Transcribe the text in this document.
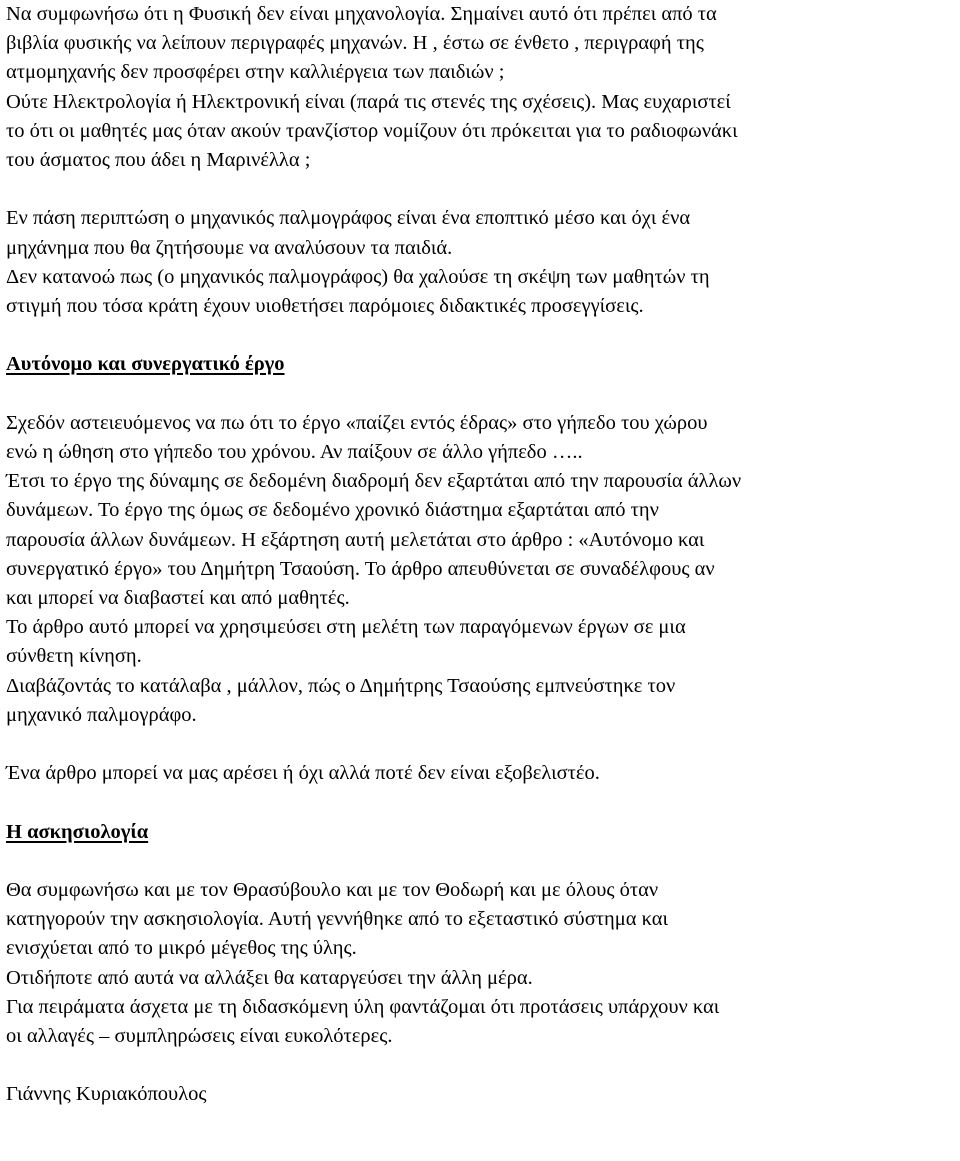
Να συμφωνήσω ότι η Φυσική δεν είναι μηχανολογία. Σημαίνει αυτό ότι πρέπει από τα
βιβλία φυσικής να λείπουν περιγραφές μηχανών. Η , έστω σε ένθετο , περιγραφή της
ατμομηχανής δεν προσφέρει στην καλλιέργεια των παιδιών ;
Ούτε Ηλεκτρολογία ή Ηλεκτρονική είναι (παρά τις στενές της σχέσεις). Μας ευχαριστεί
το ότι οι μαθητές μας όταν ακούν τρανζίστορ νομίζουν ότι πρόκειται για το ραδιοφωνάκι
του άσματος που άδει η Μαρινέλλα ;

Εν πάση περιπτώση ο μηχανικός παλμογράφος είναι ένα εποπτικό μέσο και όχι ένα
μηχάνημα που θα ζητήσουμε να αναλύσουν τα παιδιά.
Δεν κατανοώ πως (ο μηχανικός παλμογράφος) θα χαλούσε τη σκέψη των μαθητών τη
στιγμή που τόσα κράτη έχουν υιοθετήσει παρόμοιες διδακτικές προσεγγίσεις.

Αυτόνομο και συνεργατικό έργο

Σχεδόν αστειευόμενος να πω ότι το έργο «παίζει εντός έδρας» στο γήπεδο του χώρου
ενώ η ώθηση στο γήπεδο του χρόνου. Αν παίξουν σε άλλο γήπεδο …..
Έτσι το έργο της δύναμης σε δεδομένη διαδρομή δεν εξαρτάται από την παρουσία άλλων
δυνάμεων. Το έργο της όμως σε δεδομένο χρονικό διάστημα εξαρτάται από την
παρουσία άλλων δυνάμεων. Η εξάρτηση αυτή μελετάται στο άρθρο : «Αυτόνομο και
συνεργατικό έργο» του Δημήτρη Τσαούση. Το άρθρο απευθύνεται σε συναδέλφους αν
και μπορεί να διαβαστεί και από μαθητές.
Το άρθρο αυτό μπορεί να χρησιμεύσει στη μελέτη των παραγόμενων έργων σε μια
σύνθετη κίνηση.
Διαβάζοντάς το κατάλαβα , μάλλον, πώς ο Δημήτρης Τσαούσης εμπνεύστηκε τον
μηχανικό παλμογράφο.

Ένα άρθρο μπορεί να μας αρέσει ή όχι αλλά ποτέ δεν είναι εξοβελιστέο.

Η ασκησιολογία

Θα συμφωνήσω και με τον Θρασύβουλο και με τον Θοδωρή και με όλους όταν
κατηγορούν την ασκησιολογία. Αυτή γεννήθηκε από το εξεταστικό σύστημα και
ενισχύεται από το μικρό μέγεθος της ύλης.
Οτιδήποτε από αυτά να αλλάξει θα καταργεύσει την άλλη μέρα.
Για πειράματα άσχετα με τη διδασκόμενη ύλη φαντάζομαι ότι προτάσεις υπάρχουν και
οι αλλαγές – συμπληρώσεις είναι ευκολότερες.

Γιάννης Κυριακόπουλος
